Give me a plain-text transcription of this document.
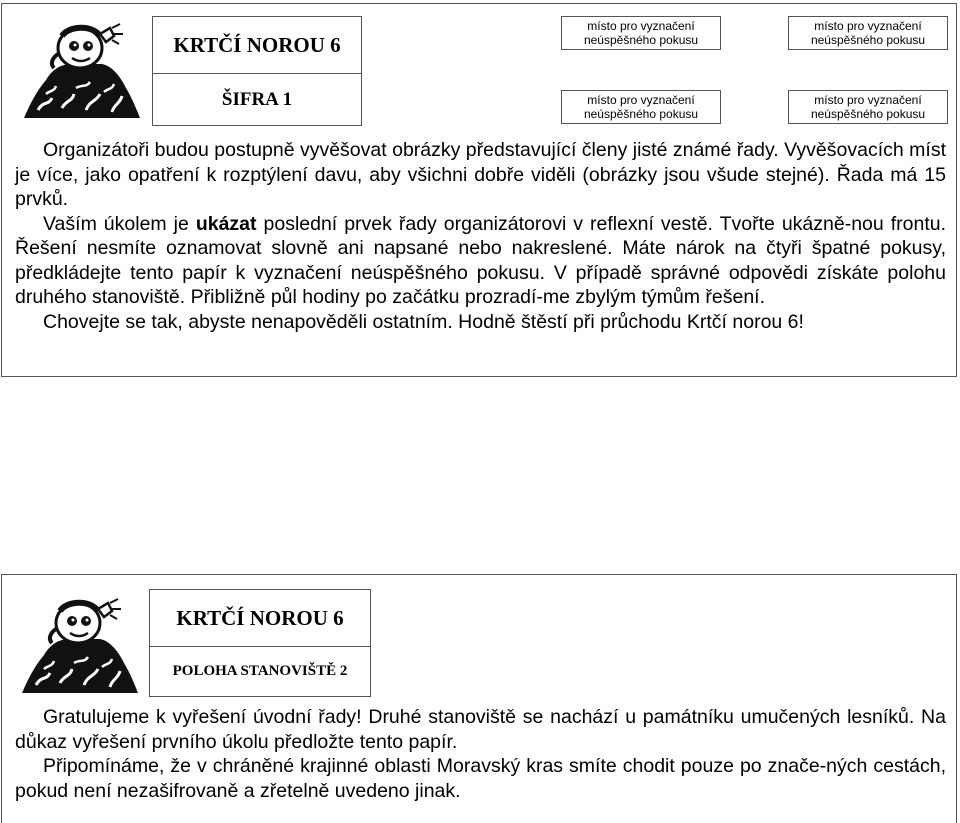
KRTČÍ NOROU 6
ŠIFRA 1
místo pro vyznačení
neúspěšného pokusu
místo pro vyznačení
neúspěšného pokusu
místo pro vyznačení
neúspěšného pokusu
místo pro vyznačení
neúspěšného pokusu

Organizátoři budou postupně vyvěšovat obrázky představující členy jisté známé řady. Vyvěšovacích míst je více, jako opatření k rozptýlení davu, aby všichni dobře viděli (obrázky jsou všude stejné). Řada má 15 prvků.

Vaším úkolem je ukázat poslední prvek řady organizátorovi v reflexní vestě. Tvořte ukázně-nou frontu. Řešení nesmíte oznamovat slovně ani napsané nebo nakreslené. Máte nárok na čtyři špatné pokusy, předkládejte tento papír k vyznačení neúspěšného pokusu. V případě správné odpovědi získáte polohu druhého stanoviště. Přibližně půl hodiny po začátku prozradí-me zbylým týmům řešení.

Chovejte se tak, abyste nenapověděli ostatním. Hodně štěstí při průchodu Krtčí norou 6!

KRTČÍ NOROU 6
POLOHA STANOVIŠTĚ 2

Gratulujeme k vyřešení úvodní řady! Druhé stanoviště se nachází u památníku umučených lesníků. Na důkaz vyřešení prvního úkolu předložte tento papír.

Připomínáme, že v chráněné krajinné oblasti Moravský kras smíte chodit pouze po znače-ných cestách, pokud není nezašifrovaně a zřetelně uvedeno jinak.
